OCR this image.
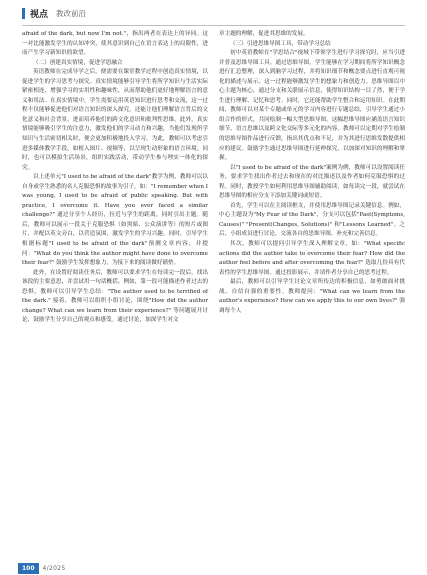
视点 教改前沿

afraid of the dark, but now I'm not."，指出两者在表达上的异同。这一对比能激发学生的认知冲突，使其意识到自己在语言表达上的局限性，进而产生学习新知识的欲望。

（二）创建真实情境，促进学思融合

英语教师在完成导学之后，便需要在课堂教学过程中创造真实情境，以促进学生的学习思考与探究。真实情境能够引导学生将所学知识与生活实际紧密相连，增强学习的实用性和趣味性，从而帮助他们更好地理解语言的意义和用法。在真实情境中，学生需要运用英语知识进行思考和交流，这一过程不仅能够促进他们对语言知识的深入探究，还能让他们理解语言背后的文化意义和社会背景，进而培养他们的跨文化意识和批判性思维。此外，真实情境能够吸引学生的注意力，激发他们的学习动力和兴趣，当他们发现所学知识与生活密切相关时，便会更加积极地投入学习。为此，教师可以考虑引进多媒体教学手段，如植入图片、视频等，以呈现生动形象的语言环境。同时，也可以模拟生活场景，组织实践活动，带动学生参与理实一体化的探究。

以上述单元"I used to be afraid of the dark"教学为例，教师可以以自身或学生熟悉的名人克服恐惧的故事为引子，如："I remember when I was young, I used to be afraid of public speaking. But with practice, I overcome it. Have you ever faced a similar challenge?" 通过分享个人经历，拉近与学生的距离，同时引出主题。随后，教师可以展示一段关于克服恐惧（如黑暗、公众演讲等）的短片或图片，并配以英文旁白，以营造氛围，激发学生的学习兴趣。同时，引导学生根据标题"I used to be afraid of the dark"预测文章内容，并提问："What do you think the author might have done to overcome their fear?" 鼓励学生发挥想象力，为接下来的阅读做好铺垫。

此外，在设置好阅读任务后，教师可以要求学生在每读完一段后，找出该段的主要意思，并尝试用一句话概括。例如，第一段可能描述作者过去的恐惧，教师可以引导学生总结："The author used to be terrified of the dark." 接着，教师可以组织小组讨论，围绕"How did the author change? What can we learn from their experience?" 等问题展开讨论，鼓励学生分享自己的观点和感受。通过讨论，加深学生对文

章主题的理解，促进其思维的发展。

（三）引进思维导图工具，带动学习总结

初中英语教师在"学思结合"视域下带领学生进行学习探究时，应当引进并普及思维导图工具。通过思维导图，学生能够在学习期间将所学知识概念进行汇总整理，深入到脑学习过程，并将知识细节和概念要点进行直观可视化的描述与展示。这一过程能够激发学生的想象力和创造力。思维导图以中心主题为核心，通过分支和关联展示信息，使得知识结构一目了然，便于学生进行理解、记忆和思考。同时，它还能帮助学生整合和运用知识。在此期间，教师可以对某个专题或单元的学习内容进行专题总结，引导学生通过小组合作的形式，共同绘制一幅大型思维导图。这幅思维导图应涵盖语言知识细节、语言思维以及跨文化交际等多元化的内容。教师可以定期对学生绘制的思维导图作品进行反馈，指出其优点和不足，并为其进行思维发散提供相应的建议。鼓励学生通过思维导图进行延伸探究，以加深对知识的理解和掌握。

以"I used to be afraid of the dark"案例为例，教师可以设置阅读任务，要求学生找出作者过去和现在的对比描述以及作者如何克服恐惧的过程。同时，教授学生如何利用思维导图辅助阅读，如每读完一段，就尝试在思维导图的相应分支下添加关键词或短语。

首先，学生可以在主阅读框支，并使用思维导图记录关键信息。例如，中心主题设为"My Fear of the Dark"，分支可以包括"Past(Symptoms, Causes)" "Present(Changes, Solutions)" 和"Lessons Learned"。之后，小组成员进行讨论，交流各自的思维导图，补充和完善信息。

其次，教师可以提问引导学生深入理解文章，如："What specific actions did the author take to overcome their fear? How did the author feel before and after overcoming the fear?" 选取几份具有代表性的学生思维导图，通过投影展示，并请作者分享自己的思考过程。

最后，教师可以引导学生讨论文章所传达的积极信息，如勇敢面对挑战、自信自强的重要性。教师提问："What can we learn from the author's experience? How can we apply this to our own lives?" 强调每个人

100	4/2025
